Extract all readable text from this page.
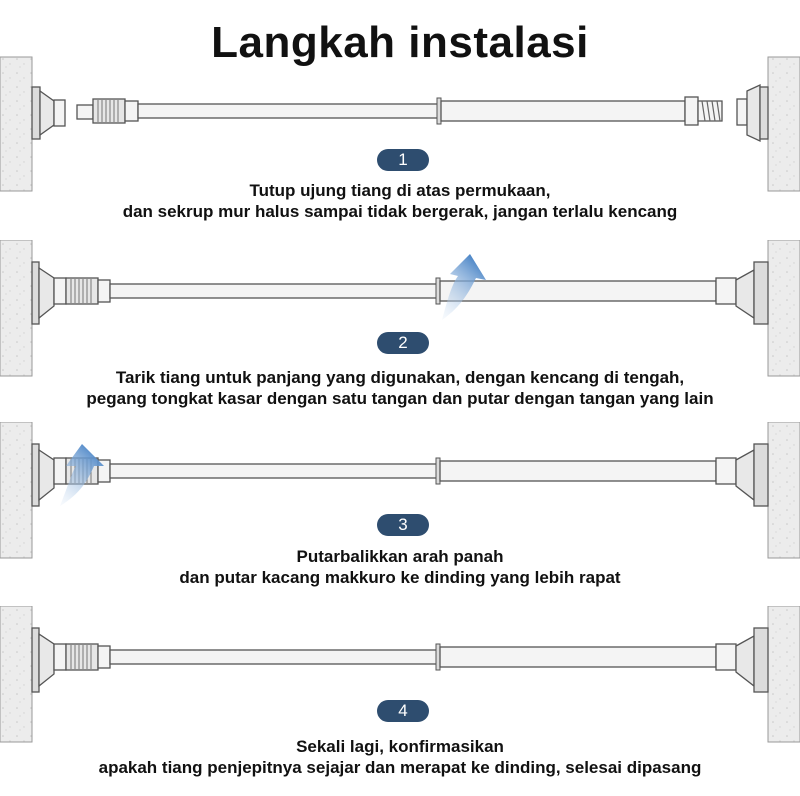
Langkah instalasi
1
Tutup ujung tiang di atas permukaan,
dan sekrup mur halus sampai tidak bergerak, jangan terlalu kencang
2
Tarik tiang untuk panjang yang digunakan, dengan kencang di tengah,
pegang tongkat kasar dengan satu tangan dan putar dengan tangan yang lain
3
Putarbalikkan arah panah
dan putar kacang makkuro ke dinding yang lebih rapat
4
Sekali lagi, konfirmasikan
apakah tiang penjepitnya sejajar dan merapat ke dinding, selesai dipasang
